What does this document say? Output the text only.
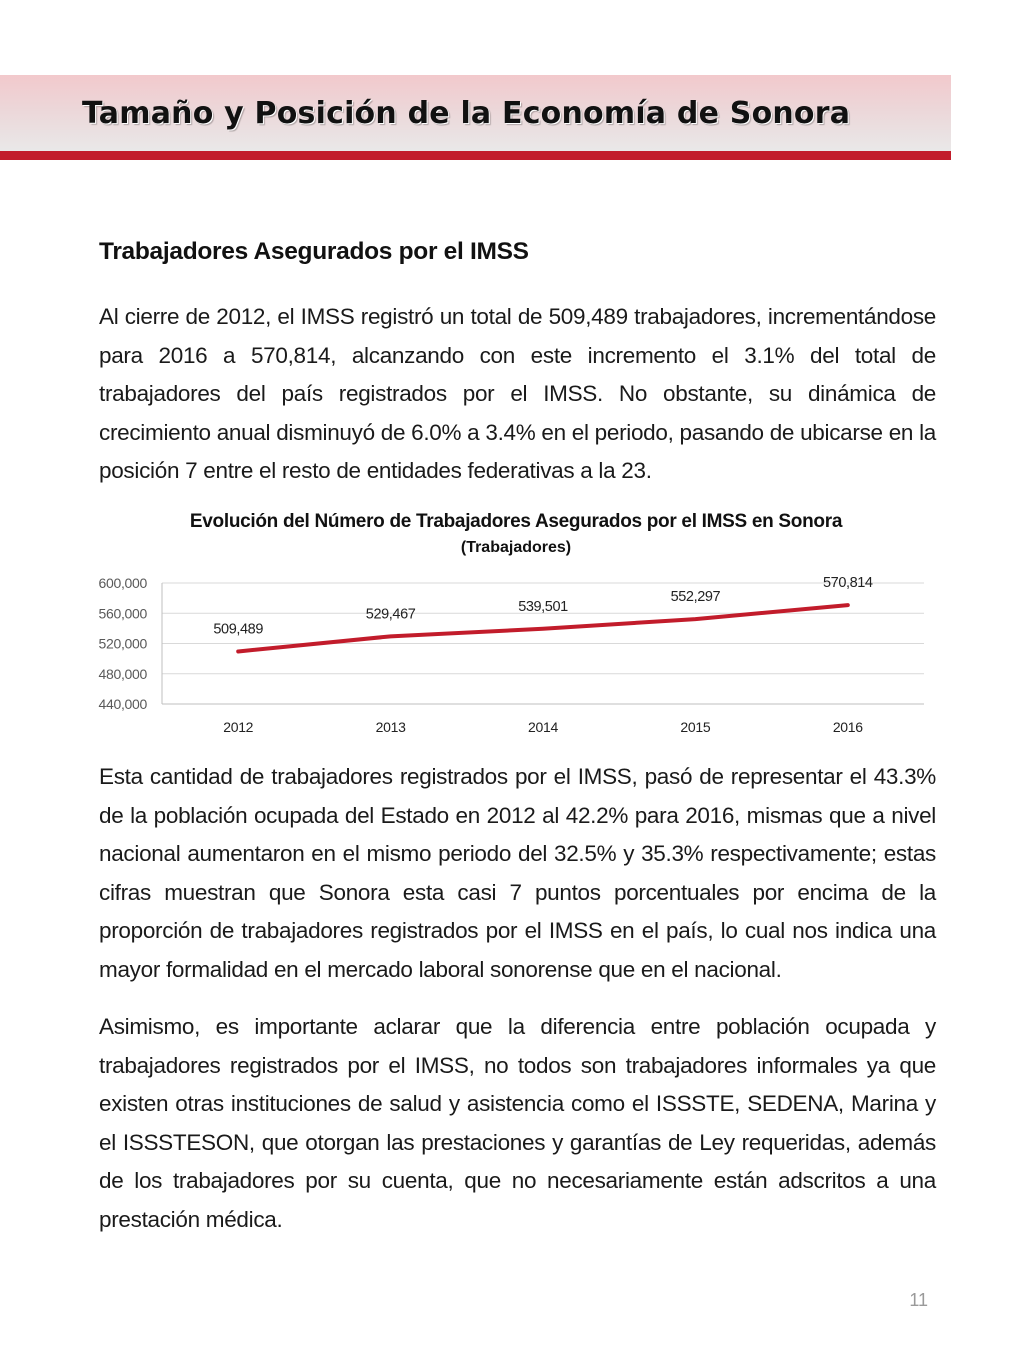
Tamaño y Posición de la Economía de Sonora
Trabajadores Asegurados por el IMSS

Al cierre de 2012, el IMSS registró un total de 509,489 trabajadores, incrementándose para 2016 a 570,814, alcanzando con este incremento el 3.1% del total de trabajadores del país registrados por el IMSS. No obstante, su dinámica de crecimiento anual disminuyó de 6.0% a 3.4% en el periodo, pasando de ubicarse en la posición 7 entre el resto de entidades federativas a la 23.

Evolución del Número de Trabajadores Asegurados por el IMSS en Sonora
(Trabajadores)
440,000
480,000
520,000
560,000
600,000
2012	2013	2014	2015	2016
509,489
529,467	539,501
552,297
570,814

Esta cantidad de trabajadores registrados por el IMSS, pasó de representar el 43.3% de la población ocupada del Estado en 2012 al 42.2% para 2016, mismas que a nivel nacional aumentaron en el mismo periodo del 32.5% y 35.3% respectivamente; estas cifras muestran que Sonora esta casi 7 puntos porcentuales por encima de la proporción de trabajadores registrados por el IMSS en el país, lo cual nos indica una mayor formalidad en el mercado laboral sonorense que en el nacional.

Asimismo, es importante aclarar que la diferencia entre población ocupada y trabajadores registrados por el IMSS, no todos son trabajadores informales ya que existen otras instituciones de salud y asistencia como el ISSSTE, SEDENA, Marina y el ISSSTESON, que otorgan las prestaciones y garantías de Ley requeridas, además de los trabajadores por su cuenta, que no necesariamente están adscritos a una prestación médica.

11
